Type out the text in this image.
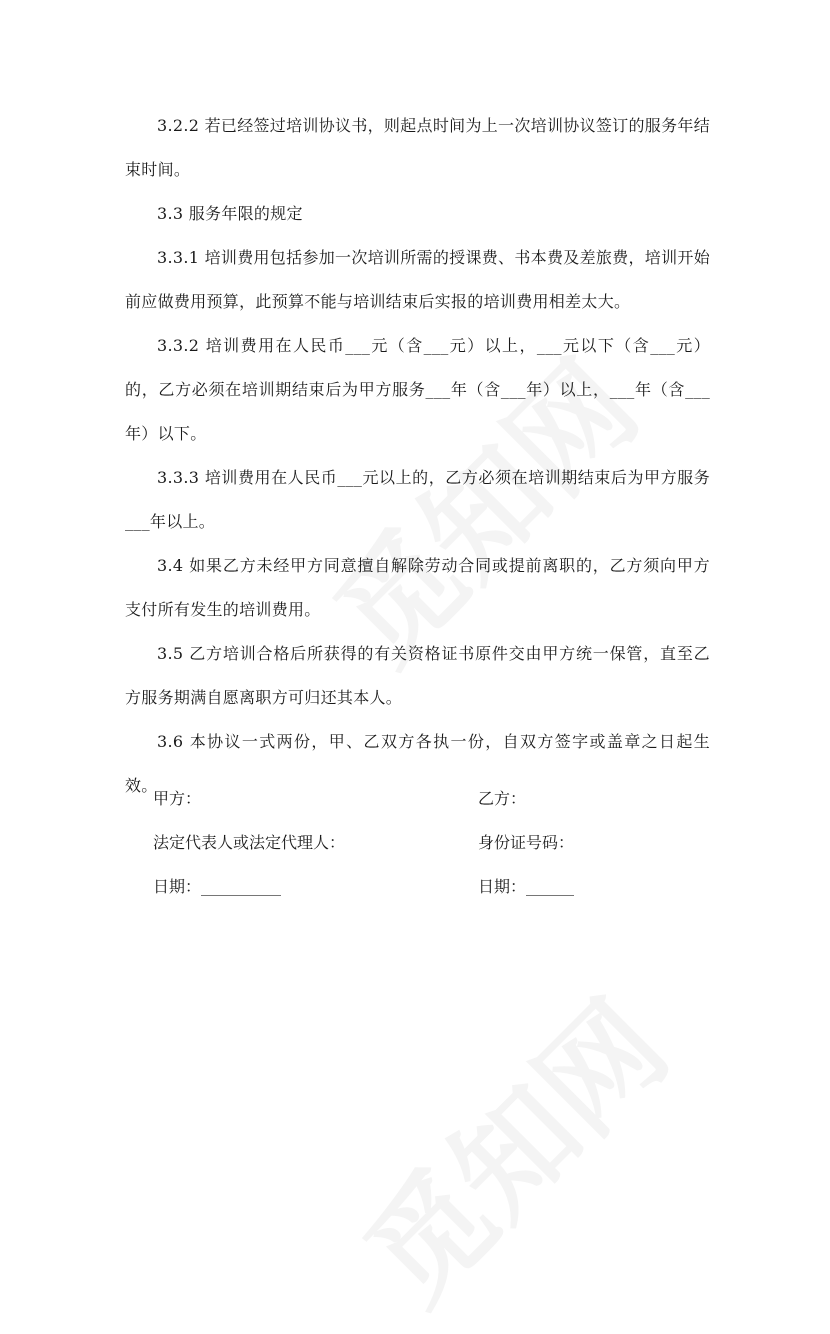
3.2.2 若已经签过培训协议书，则起点时间为上一次培训协议签订的服务年结束时间。

3.3 服务年限的规定

3.3.1 培训费用包括参加一次培训所需的授课费、书本费及差旅费，培训开始前应做费用预算，此预算不能与培训结束后实报的培训费用相差太大。

3.3.2 培训费用在人民币___元（含___元）以上，___元以下（含___元）的，乙方必须在培训期结束后为甲方服务___年（含___年）以上，___年（含___年）以下。

3.3.3 培训费用在人民币___元以上的，乙方必须在培训期结束后为甲方服务___年以上。

3.4 如果乙方未经甲方同意擅自解除劳动合同或提前离职的，乙方须向甲方支付所有发生的培训费用。

3.5 乙方培训合格后所获得的有关资格证书原件交由甲方统一保管，直至乙方服务期满自愿离职方可归还其本人。

3.6 本协议一式两份，甲、乙双方各执一份，自双方签字或盖章之日起生效。

甲方：	乙方：
法定代表人或法定代理人：	身份证号码：
日期：__________	日期：______
